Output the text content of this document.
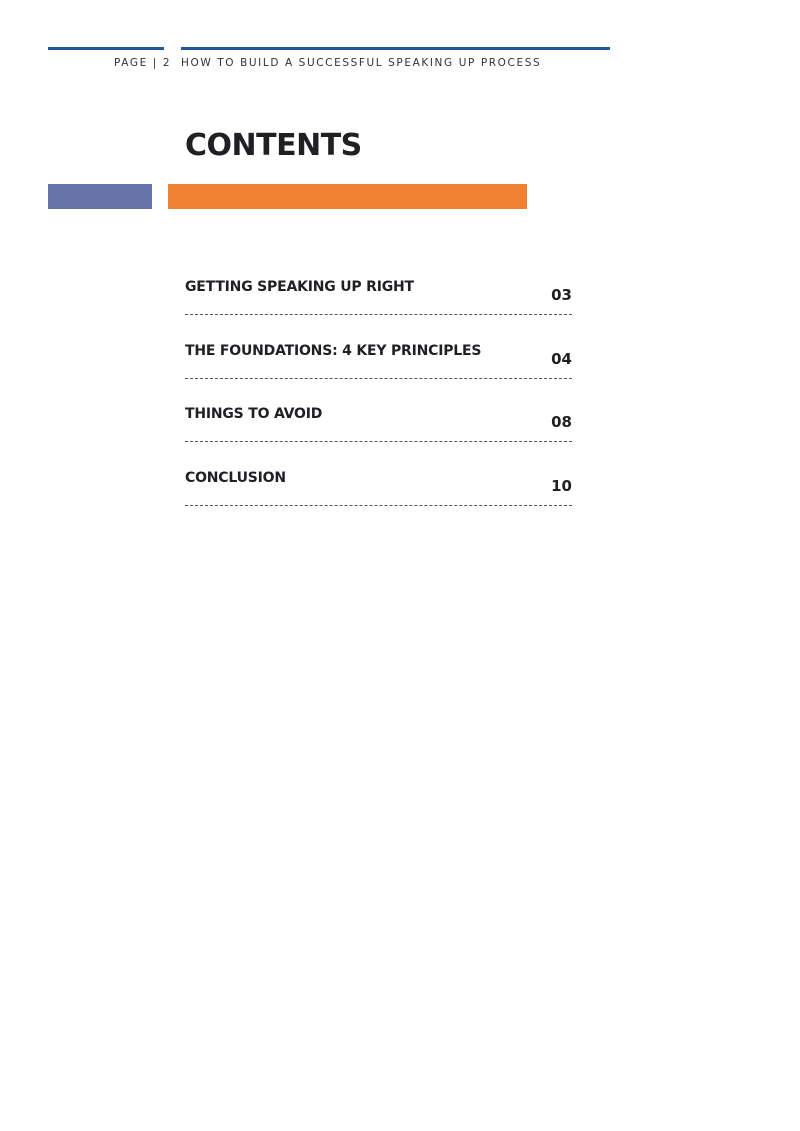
PAGE | 2 HOW TO BUILD A SUCCESSFUL SPEAKING UP PROCESS
CONTENTS
GETTING SPEAKING UP RIGHT	03
THE FOUNDATIONS: 4 KEY PRINCIPLES	04
THINGS TO AVOID	08
CONCLUSION	10
